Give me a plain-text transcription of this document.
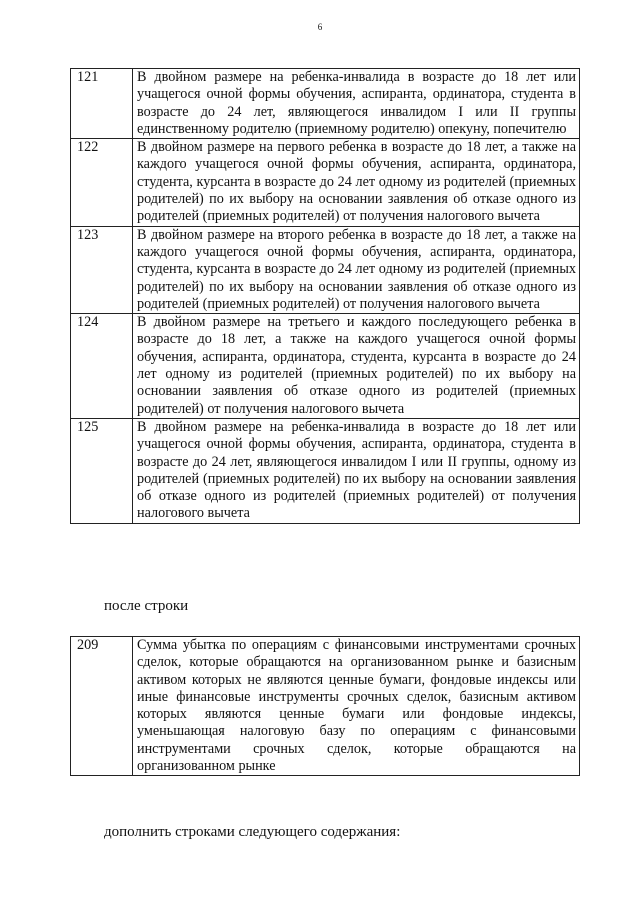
6
121	В двойном размере на ребенка-инвалида в возрасте до 18 лет или учащегося очной формы обучения, аспиранта, ординатора, студента в возрасте до 24 лет, являющегося инвалидом I или II группы единственному родителю (приемному родителю) опекуну, попечителю
122	В двойном размере на первого ребенка в возрасте до 18 лет, а также на каждого учащегося очной формы обучения, аспиранта, ординатора, студента, курсанта в возрасте до 24 лет одному из родителей (приемных родителей) по их выбору на основании заявления об отказе одного из родителей (приемных родителей) от получения налогового вычета
123	В двойном размере на второго ребенка в возрасте до 18 лет, а также на каждого учащегося очной формы обучения, аспиранта, ординатора, студента, курсанта в возрасте до 24 лет одному из родителей (приемных родителей) по их выбору на основании заявления об отказе одного из родителей (приемных родителей) от получения налогового вычета
124	В двойном размере на третьего и каждого последующего ребенка в возрасте до 18 лет, а также на каждого учащегося очной формы обучения, аспиранта, ординатора, студента, курсанта в возрасте до 24 лет одному из родителей (приемных родителей) по их выбору на основании заявления об отказе одного из родителей (приемных родителей) от получения налогового вычета
125	В двойном размере на ребенка-инвалида в возрасте до 18 лет или учащегося очной формы обучения, аспиранта, ординатора, студента в возрасте до 24 лет, являющегося инвалидом I или II группы, одному из родителей (приемных родителей) по их выбору на основании заявления об отказе одного из родителей (приемных родителей) от получения налогового вычета
после строки
209	Сумма убытка по операциям с финансовыми инструментами срочных сделок, которые обращаются на организованном рынке и базисным активом которых не являются ценные бумаги, фондовые индексы или иные финансовые инструменты срочных сделок, базисным активом которых являются ценные бумаги или фондовые индексы, уменьшающая налоговую базу по операциям с финансовыми инструментами срочных сделок, которые обращаются на организованном рынке
дополнить строками следующего содержания:
